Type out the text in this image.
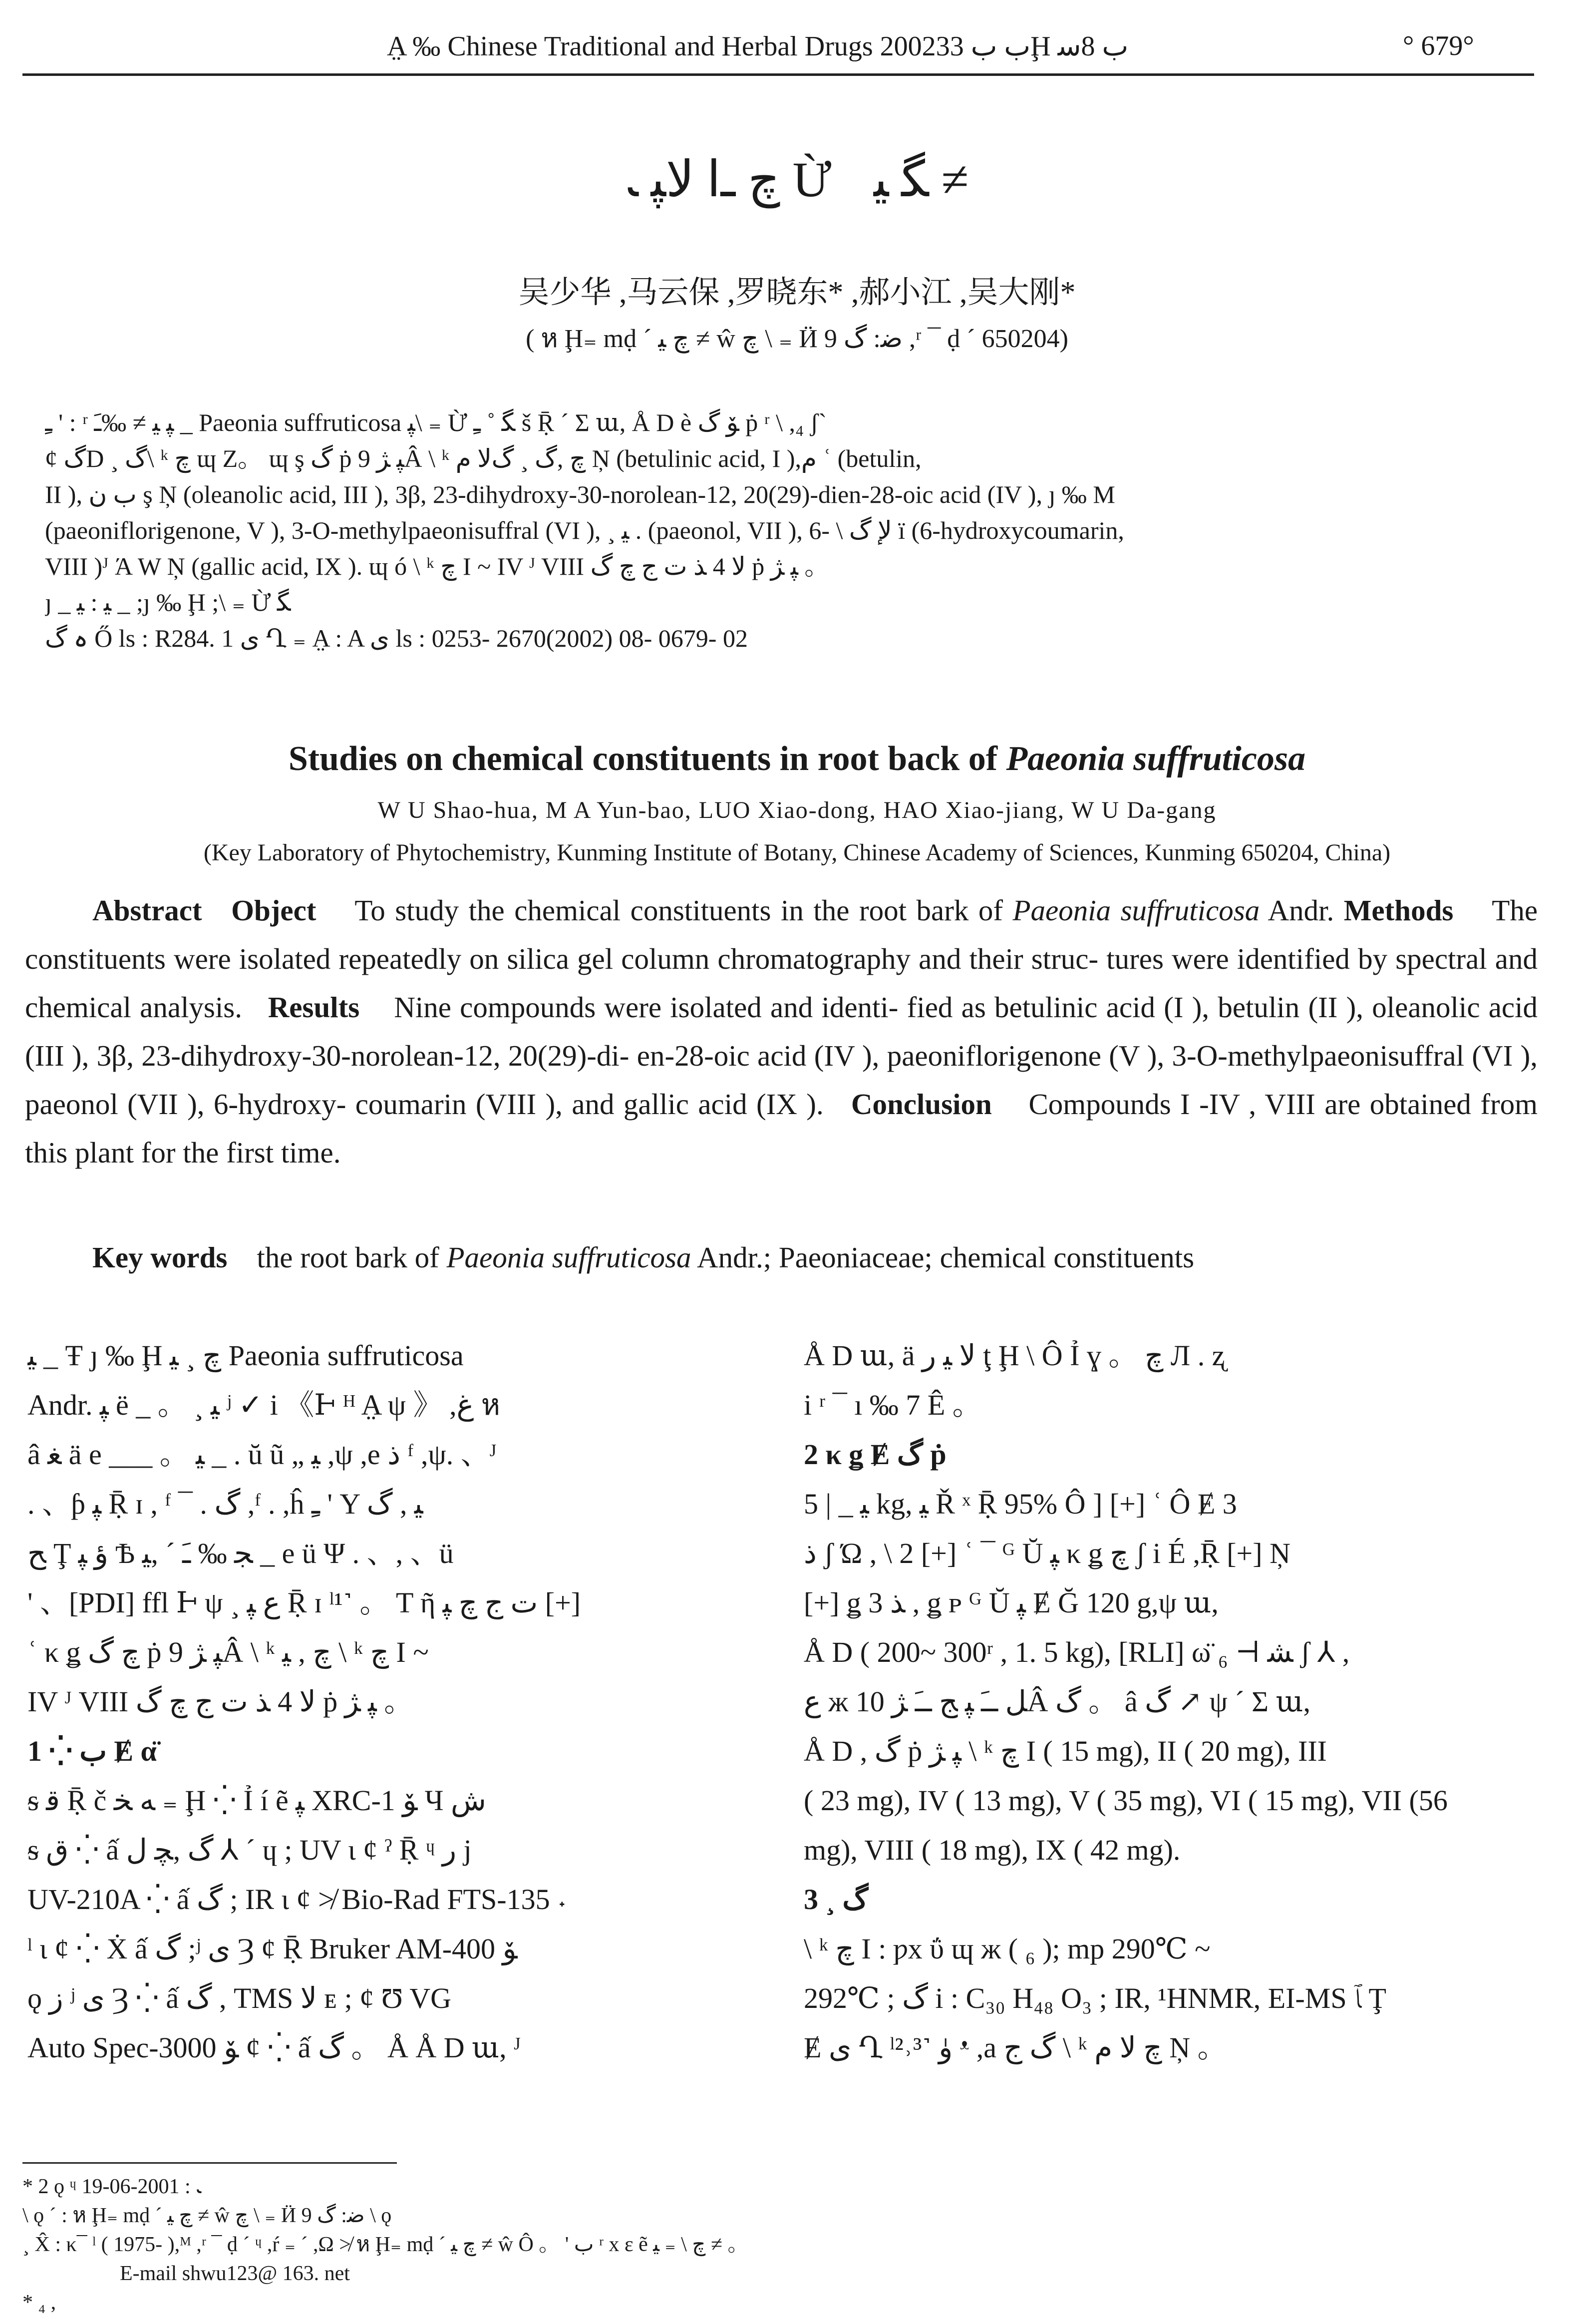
A̤ ‰ Chinese Traditional and Herbal Drugs 2002ب ب 33Ḩ ب 8ﺳ	° 679°
ﭺ ـﺍ ﻻﭙ ﹳ Ừ ﮕ ﯿ ≠
吴少华 ,马云保 ,罗晓东* ,郝小江 ,吴大刚*
( ห Ḩ₌ mḍ ´ ﭺ ﯿ ≠ ŵ ﭺ \ ₌ Ӥ ﺿ: ﮒ 9 ,ʳ ¯ ḍ ´ 650204)
ﹻ ' : ʳ ﭙ ﯿ ≠ ‰ﹷ _ Paeonia suffruticosa ﭙ\ ₌ Ừ ﮕ ˚ ﹻ š Ṝ ´ Σ ա, Å D è ﯚ ﮒ ṗ ʳ \ ,₄ ʃ`
ȼ ﮒD ¸ ﮒ\ ᵏ ﭺ ɰ Z。 ɰ ş ﮒ ṗ ﭙ ﮋ 9Â \ ᵏ ﭺ ,ﮒ ¸ ﮒﻻ ﻡ Ņ (betulinic acid, I ),ﻡ ʿ (betulin,
II ), ﺏ ﻥ ş Ņ (oleanolic acid, III ), 3β, 23-dihydroxy-30-norolean-12, 20(29)-dien-28-oic acid (IV ), ȷ ‰ M
(paeoniflorigenone, V ), 3-O-methylpaeonisuffral (VI ), ¸ ﯿ . (paeonol, VII ), 6- \ ﻹ ﮒ ï (6-hydroxycoumarin,
VIII )ᴶ Ά W Ņ (gallic acid, IX ). ɰ ó \ ᵏ ﭺ I ~ IV ᴶ VIII ﻻ 4 ﺬ ﺕ ﺝ ﭺ ﮒ ṗ ﭙ ﮋ 。
ȷ _ ﯿ : ﯿ _ ;ȷ ‰ Ḩ ;\ ₌ Ừ ﮕ
ہ ﮒ Ő ls : R284. 1 ﯼ Ղ ₌ A̤ : A ﯼ ls : 0253- 2670(2002) 08- 0679- 02
Studies on chemical constituents in root back of Paeonia suffruticosa
W U Shao-hua, M A Yun-bao, LUO Xiao-dong, HAO Xiao-jiang, W U Da-gang
(Key Laboratory of Phytochemistry, Kunming Institute of Botany, Chinese Academy of Sciences, Kunming 650204, China)
Abstract Object To study the chemical constituents in the root bark of Paeonia suffruticosa Andr. Methods The constituents were isolated repeatedly on silica gel column chromatography and their struc- tures were identified by spectral and chemical analysis. Results Nine compounds were isolated and identi- fied as betulinic acid (I ), betulin (II ), oleanolic acid (III ), 3β, 23-dihydroxy-30-norolean-12, 20(29)-di- en-28-oic acid (IV ), paeoniflorigenone (V ), 3-O-methylpaeonisuffral (VI ), paeonol (VII ), 6-hydroxy- coumarin (VIII ), and gallic acid (IX ). Conclusion Compounds I -IV , VIII are obtained from this plant for the first time.
Key words the root bark of Paeonia suffruticosa Andr.; Paeoniaceae; chemical constituents
ﯿ _ Ŧ ȷ ‰ Ḩ ﭺ ¸ ﯿ Paeonia suffruticosa
Andr. ﭙ ë _ 。 ¸ ﯿ ʲ ✓ i 《Ͱ ᴴ A̤ ψ 》 ,ﻍ ห
â ﻐ ä e ___ 。 ﯿ _ . ŭ ũ „ ﻴ ,ψ ,e ﺫ ᶠ ,ψ. 、ᴶ
. 、ƥ ﭙ Ṝ ɪ , ᶠ ¯ . ﮒ ,ᶠ . ,ĥ ﹻ ' Y ﯿ , ﮒ
ﺢ Ţ ﺅ ﭙ Ѣ ﺠ ‰ ﹷ ´ ,ﯿ _ e ü Ψ . 、, 、ü
' 、[PDI] ffl Ͱ ψ ¸ ﻉ ﭙ Ṝ ɪ ˡ¹˺ 。 T ῆ ﺕ ﺝ ﭺ ﭙ [+]
ʿ κ ǥ ﭺ ﮒ ṗ ﭙ ﮋ 9Â \ ᵏ ﭺ , ﯿ \ ᵏ ﭺ I ~
IV ᴶ VIII ﻻ 4 ﺬ ﺕ ﺝ ﭺ ﮒ ṗ ﭙ ﮋ 。
1 ⁛ ﺏ Ɇ α̈
ᵴ ﻗ Ṝ č ﻪ ﺨ ₌ Ḩ ⁛ Ỉ í ẽ ﭙ XRC-1 ﯚ Ч ﺵ
ᵴ ﻕ ⁛ ấ ﮒ ,ﭽ ﻝ ⅄ ´ ɥ ; UV ɩ ȼ ˀ Ṝ ᶣ ﺭ j
UV-210A ⁛ ấ ﮒ ; IR ɩ ȼ ≯ Bio-Rad FTS-135 ˖
ˡ ɩ ȼ ⁛ Ẋ ấ ﮒ ;ʲ ﯼ Ȝ ȼ Ṝ Bruker AM-400 ﯚ
ǫ ﺯ ʲ ﯼ Ȝ ⁛ ấ ﮒ , TMS ﻻ ᴇ ; ȼ Ʊ VG
Auto Spec-3000 ﯚ ȼ ⁛ ấ ﮒ 。 Å Å D ա, ᴶ
Å D ա, ä ﻻ ﯿ ﺭ ţ Ḩ \ Ô Ỉ ɣ 。 ﭺ Л . ʐ
i ʳ ¯ ı ‰ 7 Ê 。
2 κ ǥ Ɇ ﮒ ṗ
ﯿ _ | 5 kg, ﯿ Ř ˣ Ṝ 95% Ô ] [+] ʿ Ô Ɇ 3
ﺫ ʃ Ώ , \ 2 [+] ʿ ¯ ᴳ Ŭ ﭙ κ ǥ ﭺ ʃ i É ,Ṝ [+] Ņ
[+] ǥ 3 ﺬ , ǥ ᴘ ᴳ Ŭ ﭙ Ɇ Ğ 120 g,ψ ա,
Å D ( 200~ 300ʳ , 1. 5 kg), [RLI] ω̈ ﺸ ⊢ ₆ ʃ ⅄ ,
ﻉ ж ﻞ ـﹷ ﭙ ﺞ ـﹷ ﮋ 10Â ﮒ 。 â ﮒ ↗ ψ ´ Σ ա,
Å D , ﮒ ṗ ﭙ ﮋ \ ᵏ ﭺ I ( 15 mg), II ( 20 mg), III
( 23 mg), IV ( 13 mg), V ( 35 mg), VI ( 15 mg), VII (56
mg), VIII ( 18 mg), IX ( 42 mg).
3 ¸ ﮒ
\ ᵏ ﭺ I : ƿx ΰ ɰ ж ( ₆ ); mp 290℃ ~
292℃ ; ﮒ i : C₃₀ H₄₈ O₃ ; IR, ¹HNMR, EI-MS ﭑ Ţ
Ɇ ﯼ Ղ ˡ²˒³˺ ﯛ ᵜ ,a ﮒ ﺝ \ ᵏ ﭺ ﻻ ﻡ Ņ 。
* 2 ǫ ᶣ ﹳ : 2001-06-19
\ ǫ ´ : ห Ḩ₌ mḍ ´ ﭺ ﯿ ≠ ŵ ﭺ \ ₌ Ӥ ﺿ: ﮒ 9 \ ǫ
¸ X̂ : κ¯ ˡ ( 1975- ),ᴹ ,ʳ ¯ ḍ ´ ᶣ ,ŕ ₌ ´ ,Ω ≯ ห Ḩ₌ mḍ ´ ﭺ ﯿ ≠ ŵ Ô 。 ' ﺏ ʳ x ε ẽ ﭺ \ ₌ ﯿ ≠ 。
E-mail shwu123@ 163. net
* ₄ ,
